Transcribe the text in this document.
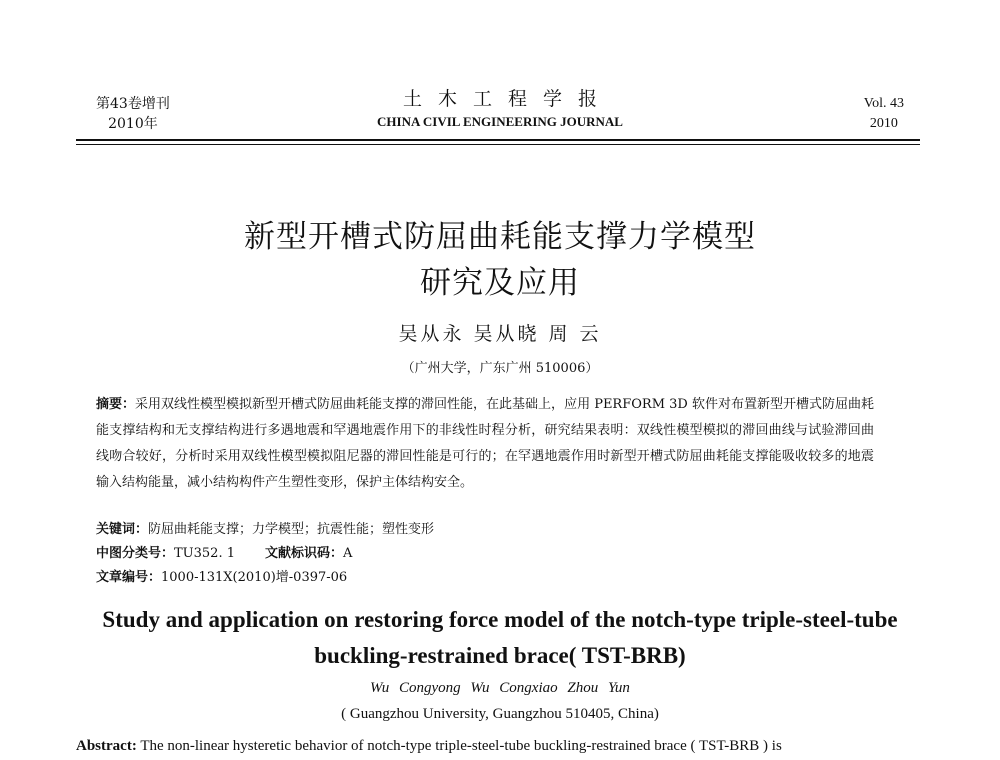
第43卷增刊
2010年
土木工程学报
CHINA CIVIL ENGINEERING JOURNAL
Vol. 43
2010
新型开槽式防屈曲耗能支撑力学模型
研究及应用
吴从永 吴从晓 周 云
（广州大学，广东广州 510006）
摘要：采用双线性模型模拟新型开槽式防屈曲耗能支撑的滞回性能，在此基础上，应用 PERFORM 3D 软件对布置新型开槽式防屈曲耗能支撑结构和无支撑结构进行多遇地震和罕遇地震作用下的非线性时程分析，研究结果表明：双线性模型模拟的滞回曲线与试验滞回曲线吻合较好，分析时采用双线性模型模拟阻尼器的滞回性能是可行的；在罕遇地震作用时新型开槽式防屈曲耗能支撑能吸收较多的地震输入结构能量，减小结构构件产生塑性变形，保护主体结构安全。
关键词：防屈曲耗能支撑；力学模型；抗震性能；塑性变形
中图分类号：TU352. 1 文献标识码：A
文章编号：1000-131X(2010)增-0397-06
Study and application on restoring force model of the notch-type triple-steel-tube
buckling-restrained brace( TST-BRB)
Wu Congyong Wu Congxiao Zhou Yun
( Guangzhou University, Guangzhou 510405, China)
Abstract: The non-linear hysteretic behavior of notch-type triple-steel-tube buckling-restrained brace ( TST-BRB ) is
